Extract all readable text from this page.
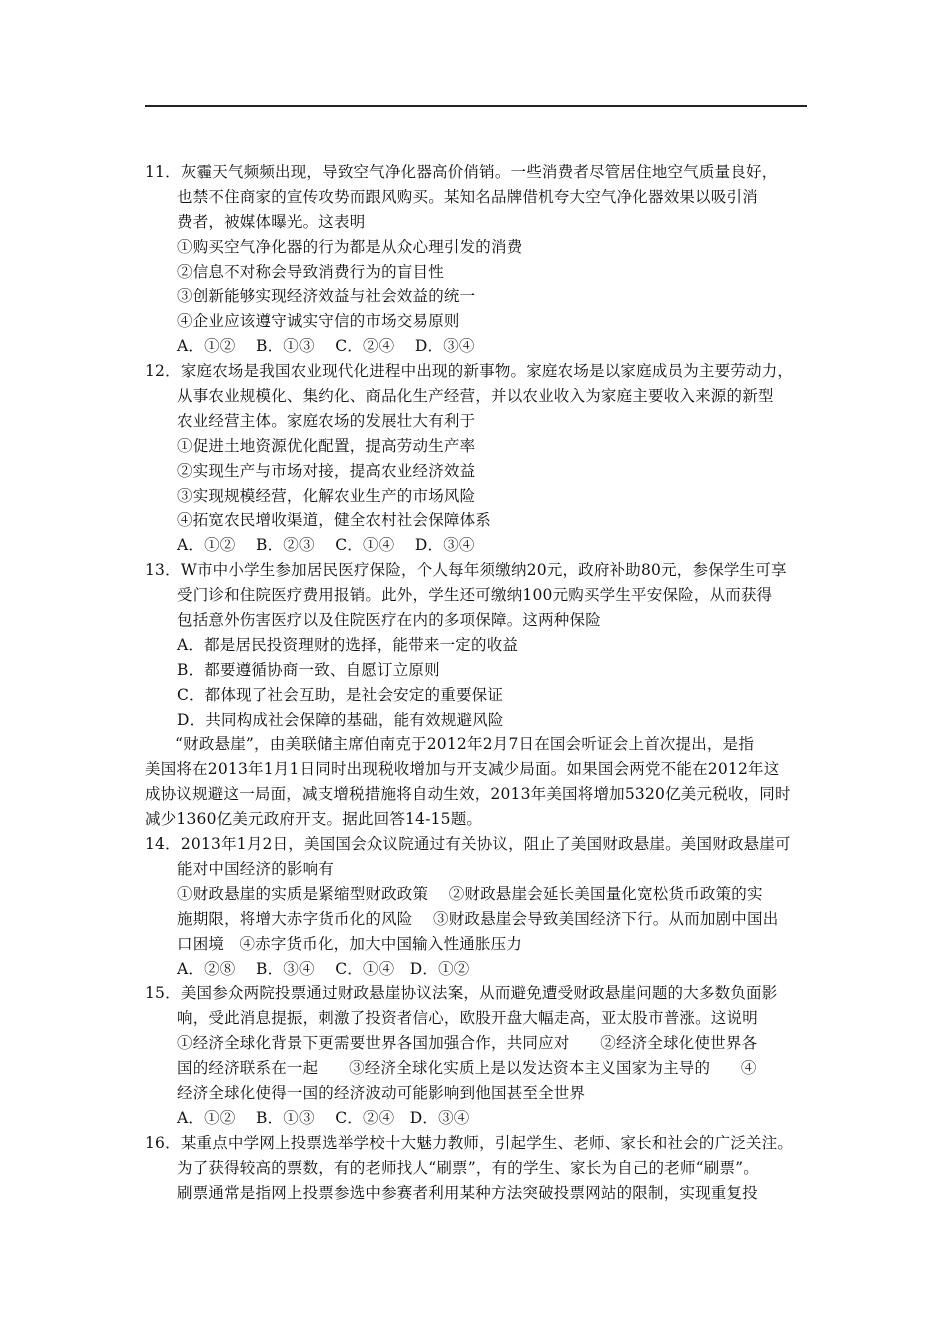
11．灰霾天气频频出现，导致空气净化器高价俏销。一些消费者尽管居住地空气质量良好，
也禁不住商家的宣传攻势而跟风购买。某知名品牌借机夸大空气净化器效果以吸引消
费者，被媒体曝光。这表明
①购买空气净化器的行为都是从众心理引发的消费
②信息不对称会导致消费行为的盲目性
③创新能够实现经济效益与社会效益的统一
④企业应该遵守诚实守信的市场交易原则
A．①②    B．①③    C．②④    D．③④
12．家庭农场是我国农业现代化进程中出现的新事物。家庭农场是以家庭成员为主要劳动力，
从事农业规模化、集约化、商品化生产经营，并以农业收入为家庭主要收入来源的新型
农业经营主体。家庭农场的发展壮大有利于
①促进土地资源优化配置，提高劳动生产率
②实现生产与市场对接，提高农业经济效益
③实现规模经营，化解农业生产的市场风险
④拓宽农民增收渠道，健全农村社会保障体系
A．①②    B．②③    C．①④    D．③④
13．W市中小学生参加居民医疗保险，个人每年须缴纳20元，政府补助80元，参保学生可享
受门诊和住院医疗费用报销。此外，学生还可缴纳100元购买学生平安保险，从而获得
包括意外伤害医疗以及住院医疗在内的多项保障。这两种保险
A．都是居民投资理财的选择，能带来一定的收益
B．都要遵循协商一致、自愿订立原则
C．都体现了社会互助，是社会安定的重要保证
D．共同构成社会保障的基础，能有效规避风险
“财政悬崖”，由美联储主席伯南克于2012年2月7日在国会听证会上首次提出，是指
美国将在2013年1月1日同时出现税收增加与开支减少局面。如果国会两党不能在2012年这
成协议规避这一局面，减支增税措施将自动生效，2013年美国将增加5320亿美元税收，同时
减少1360亿美元政府开支。据此回答14-15题。
14．2013年1月2日，美国国会众议院通过有关协议，阻止了美国财政悬崖。美国财政悬崖可
能对中国经济的影响有
①财政悬崖的实质是紧缩型财政政策    ②财政悬崖会延长美国量化宽松货币政策的实
施期限，将增大赤字货币化的风险    ③财政悬崖会导致美国经济下行。从而加剧中国出
口困境   ④赤字货币化，加大中国输入性通胀压力
A．②⑧    B．③④    C．①④   D．①②
15．美国参众两院投票通过财政悬崖协议法案，从而避免遭受财政悬崖问题的大多数负面影
响，受此消息提振，刺激了投资者信心，欧股开盘大幅走高，亚太股市普涨。这说明
①经济全球化背景下更需要世界各国加强合作，共同应对      ②经济全球化使世界各
国的经济联系在一起      ③经济全球化实质上是以发达资本主义国家为主导的      ④
经济全球化使得一国的经济波动可能影响到他国甚至全世界
A．①②    B．①③    C．②④   D．③④
16．某重点中学网上投票选举学校十大魅力教师，引起学生、老师、家长和社会的广泛关注。
为了获得较高的票数，有的老师找人“刷票”，有的学生、家长为自己的老师“刷票”。
刷票通常是指网上投票参选中参赛者利用某种方法突破投票网站的限制，实现重复投
